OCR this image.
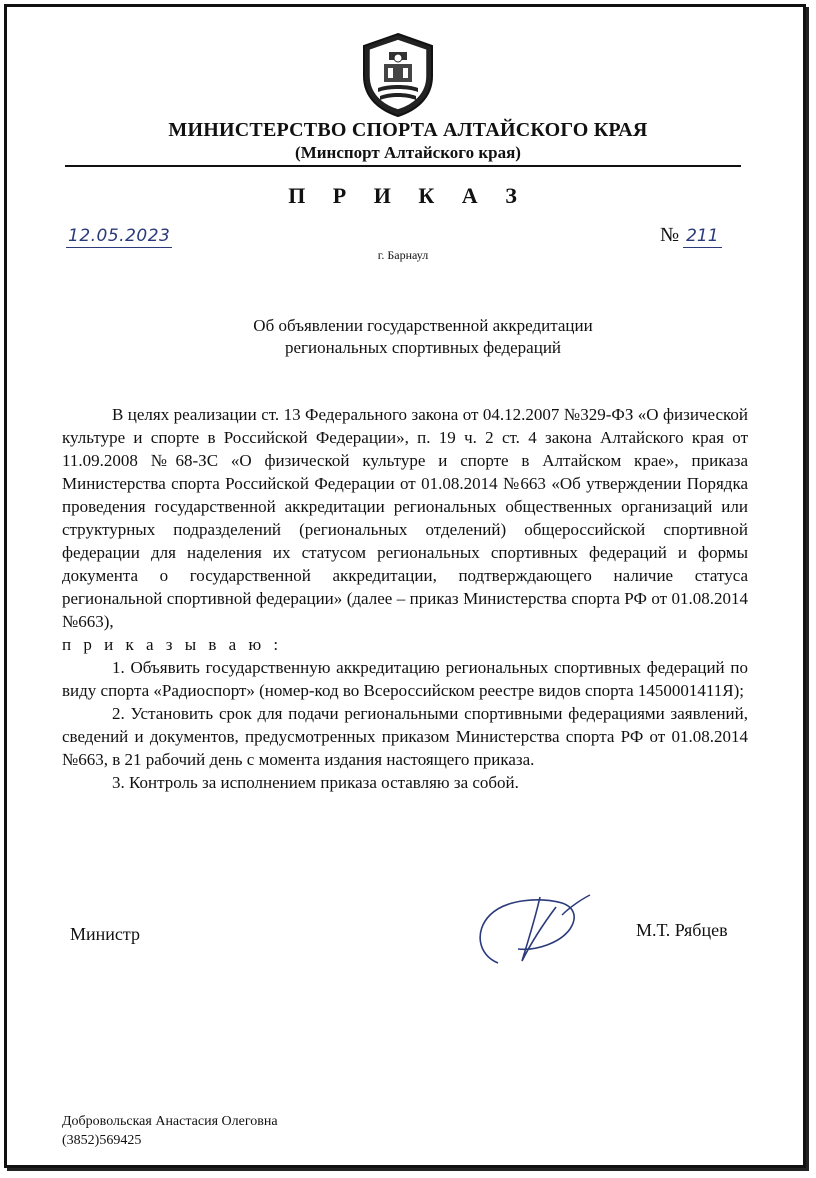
МИНИСТЕРСТВО СПОРТА АЛТАЙСКОГО КРАЯ
(Минспорт Алтайского края)
П Р И К А З
12.05.2023	№ 211
г. Барнаул
Об объявлении государственной аккредитации
региональных спортивных федераций

В целях реализации ст. 13 Федерального закона от 04.12.2007 №329-ФЗ «О физической культуре и спорте в Российской Федерации», п. 19 ч. 2 ст. 4 закона Алтайского края от 11.09.2008 №68-ЗС «О физической культуре и спорте в Алтайском крае», приказа Министерства спорта Российской Федерации от 01.08.2014 №663 «Об утверждении Порядка проведения государственной аккредитации региональных общественных организаций или структурных подразделений (региональных отделений) общероссийской спортивной федерации для наделения их статусом региональных спортивных федераций и формы документа о государственной аккредитации, подтверждающего наличие статуса региональной спортивной федерации» (далее – приказ Министерства спорта РФ от 01.08.2014 №663),

п р и к а з ы в а ю :

1. Объявить государственную аккредитацию региональных спортивных федераций по виду спорта «Радиоспорт» (номер-код во Всероссийском реестре видов спорта 1450001411Я);

2. Установить срок для подачи региональными спортивными федерациями заявлений, сведений и документов, предусмотренных приказом Министерства спорта РФ от 01.08.2014 №663, в 21 рабочий день с момента издания настоящего приказа.

3. Контроль за исполнением приказа оставляю за собой.

Министр	М.Т. Рябцев
Добровольская Анастасия Олеговна
(3852)569425
